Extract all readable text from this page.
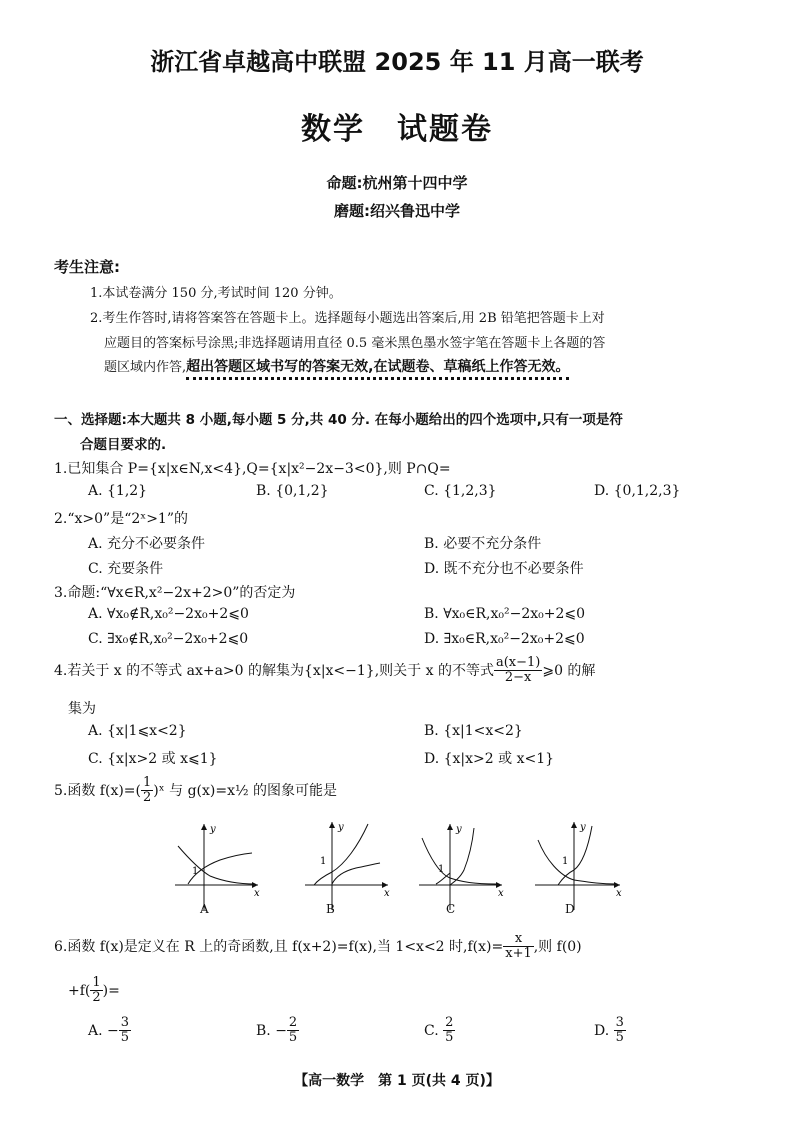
浙江省卓越高中联盟 2025 年 11 月高一联考
数学　试题卷
命题:杭州第十四中学
磨题:绍兴鲁迅中学
考生注意:
1.本试卷满分 150 分,考试时间 120 分钟。
2.考生作答时,请将答案答在答题卡上。选择题每小题选出答案后,用 2B 铅笔把答题卡上对
应题目的答案标号涂黑;非选择题请用直径 0.5 毫米黑色墨水签字笔在答题卡上各题的答
题区域内作答,超出答题区域书写的答案无效,在试题卷、草稿纸上作答无效。
一、选择题:本大题共 8 小题,每小题 5 分,共 40 分. 在每小题给出的四个选项中,只有一项是符
合题目要求的.
1.已知集合 P={x|x∈N,x<4},Q={x|x²−2x−3<0},则 P∩Q=
A. {1,2}	B. {0,1,2}	C. {1,2,3}	D. {0,1,2,3}
2.“x>0”是“2ˣ>1”的
A. 充分不必要条件	B. 必要不充分条件
C. 充要条件	D. 既不充分也不必要条件
3.命题:“∀x∈R,x²−2x+2>0”的否定为
A. ∀x₀∉R,x₀²−2x₀+2⩽0	B. ∀x₀∈R,x₀²−2x₀+2⩽0
C. ∃x₀∉R,x₀²−2x₀+2⩽0	D. ∃x₀∈R,x₀²−2x₀+2⩽0
4.若关于 x 的不等式 ax+a>0 的解集为{x|x<−1},则关于 x 的不等式 $\frac{a(x-1)}{2-x}$ ⩾0 的解
集为
A. {x|1⩽x<2}	B. {x|1<x<2}
C. {x|x>2 或 x⩽1}	D. {x|x>2 或 x<1}
5.函数 $f(x)=( \frac{1}{2}$ )ˣ 与 g(x)=x½ 的图象可能是
y
x
1
A
y
x
1
B
y
x
1
C
y
x
1
D
6.函数 f(x)是定义在 R 上的奇函数,且 f(x+2)=f(x),当 1<x<2 时$,f(x)= \frac{x}{x+1}$ ,则 f(0)
$+f( \frac{1}{2}$ )=
A. − $\frac{3}{5}$	B. − $\frac{2}{5}$	C. $\frac{2}{5}$	D. $\frac{3}{5}$
【高一数学　第 1 页(共 4 页)】
